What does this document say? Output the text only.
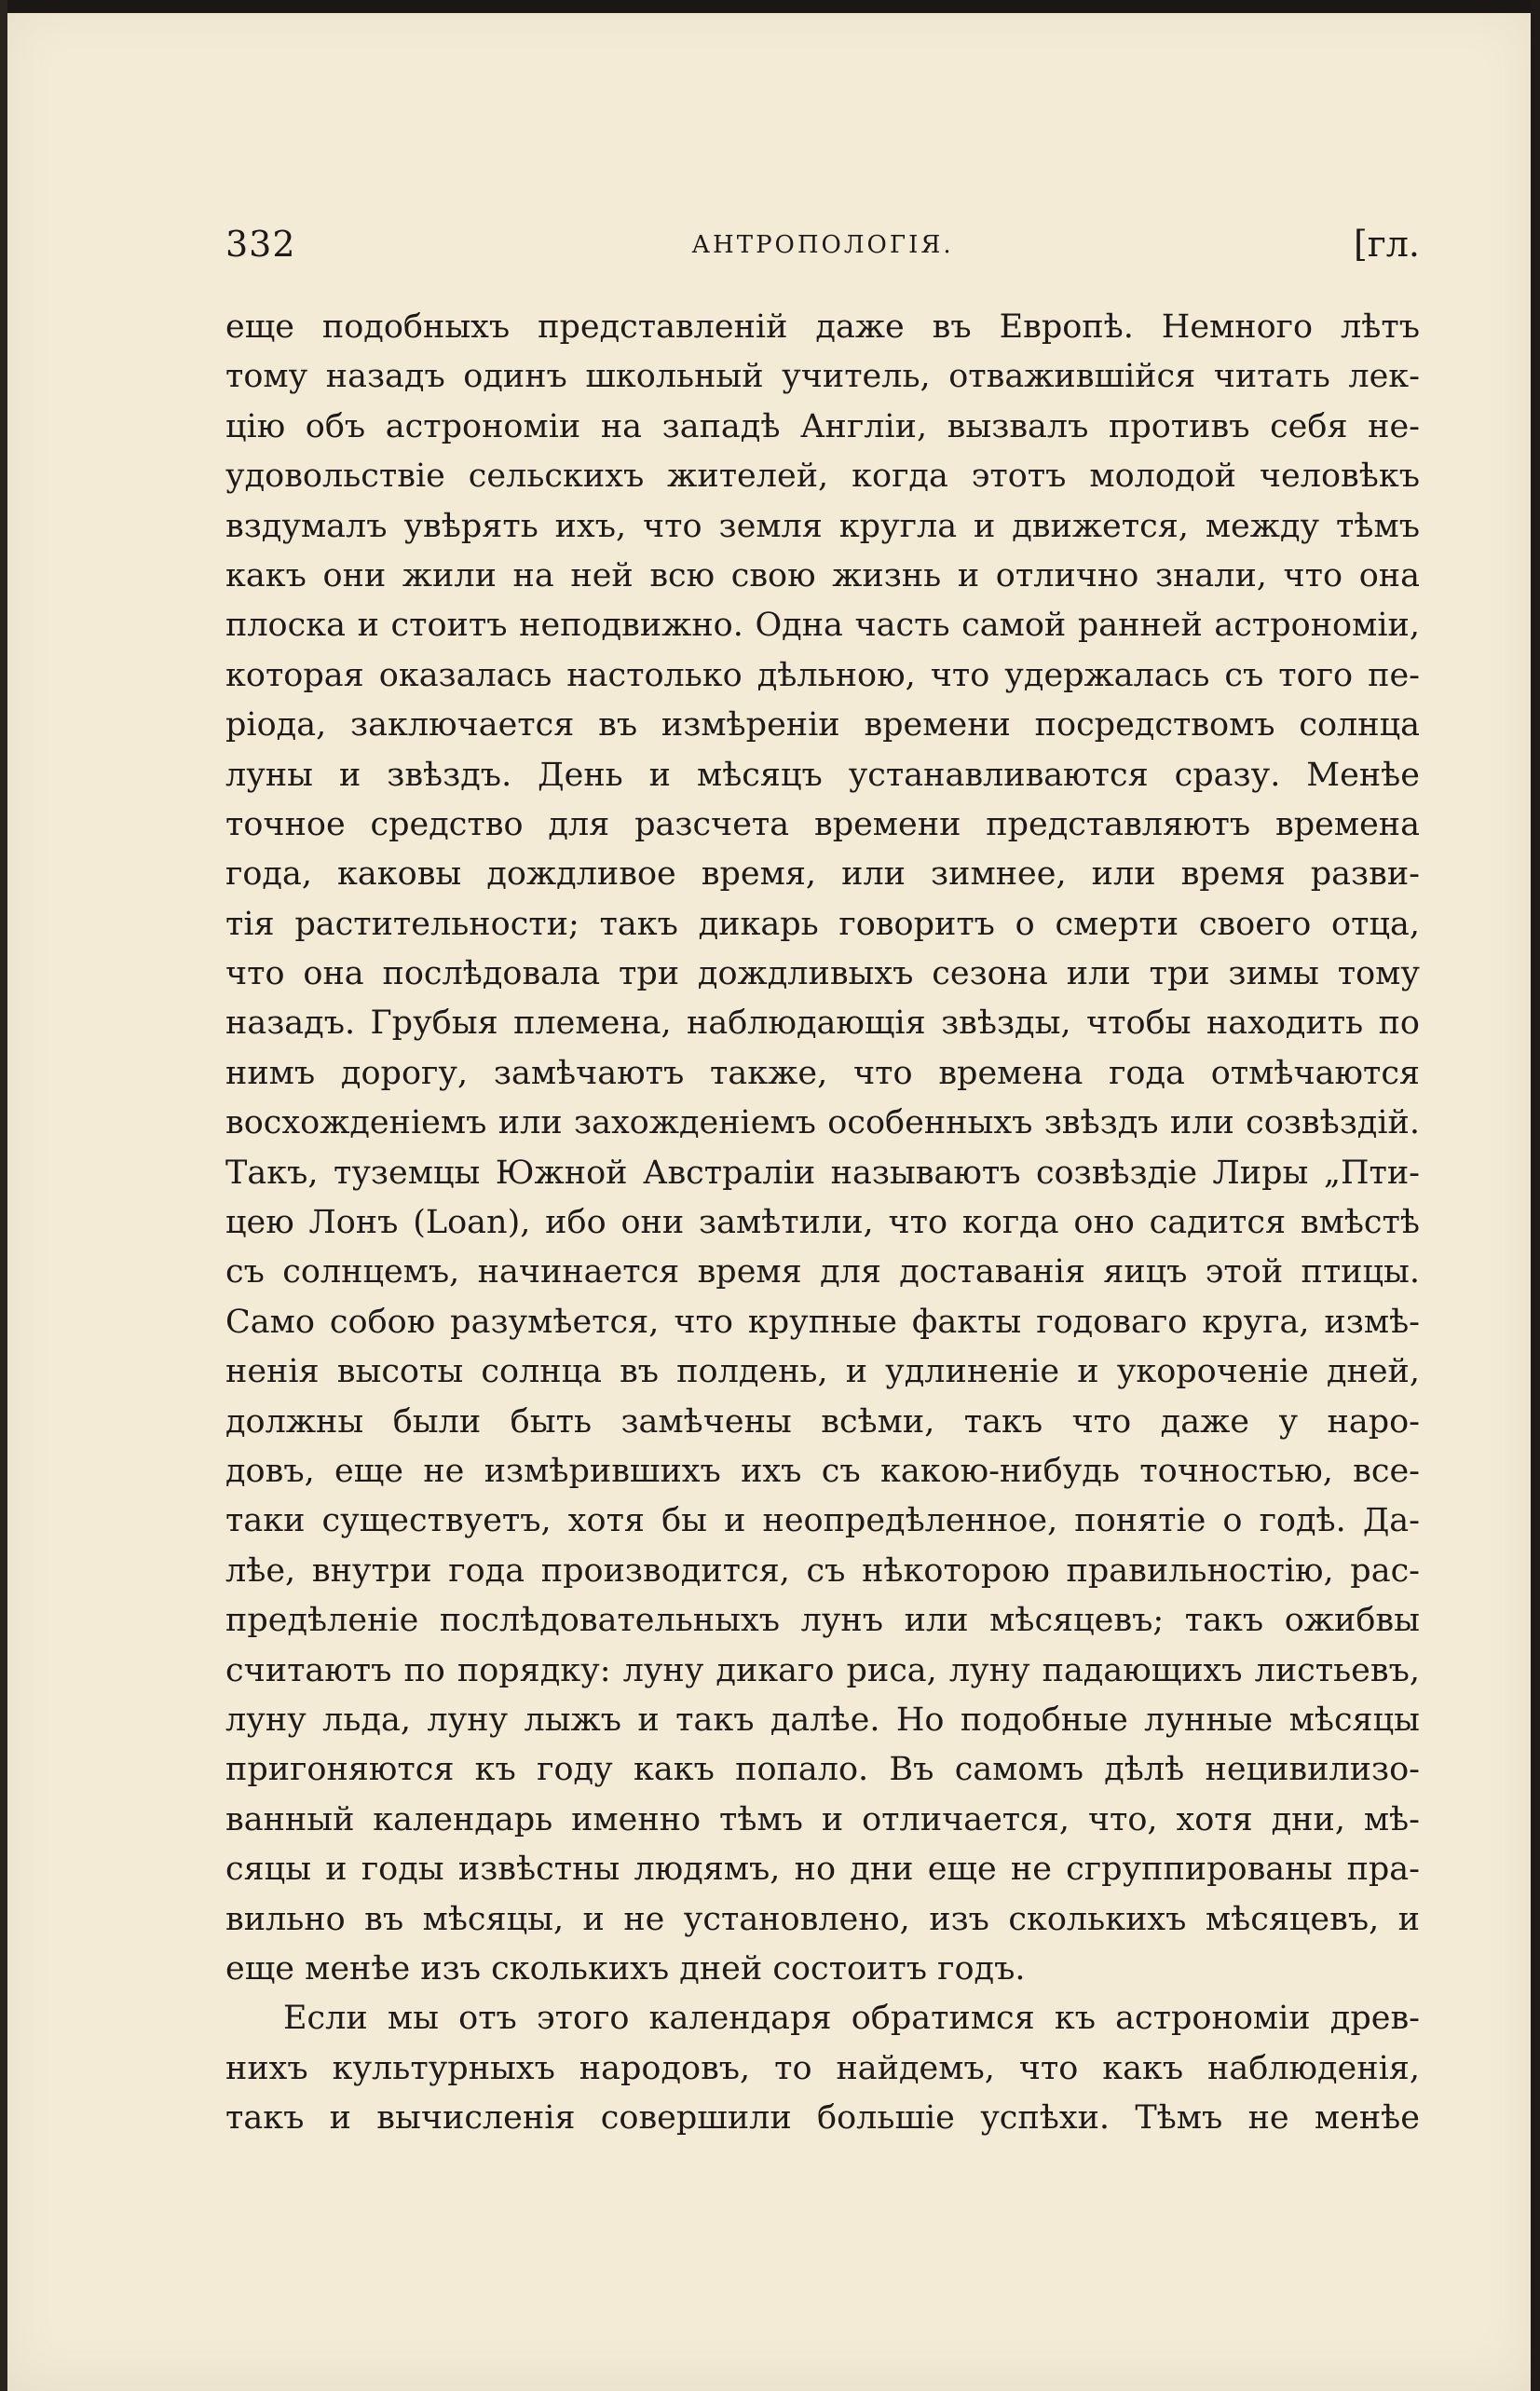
332	АНТРОПОЛОГIЯ.	[гл.
еще подобныхъ представленiй даже въ Европѣ. Немного лѣтъ
тому назадъ одинъ школьный учитель, отважившiйся читать лек-
цiю объ астрономiи на западѣ Англiи, вызвалъ противъ себя не-
удовольствiе сельскихъ жителей, когда этотъ молодой человѣкъ
вздумалъ увѣрять ихъ, что земля кругла и движется, между тѣмъ
какъ они жили на ней всю свою жизнь и отлично знали, что она
плоска и стоитъ неподвижно. Одна часть самой ранней астрономiи,
которая оказалась настолько дѣльною, что удержалась съ того пе-
рiода, заключается въ измѣренiи времени посредствомъ солнца
луны и звѣздъ. День и мѣсяцъ устанавливаются сразу. Менѣе
точное средство для разсчета времени представляютъ времена
года, каковы дождливое время, или зимнее, или время разви-
тiя растительности; такъ дикарь говоритъ о смерти своего отца,
что она послѣдовала три дождливыхъ сезона или три зимы тому
назадъ. Грубыя племена, наблюдающiя звѣзды, чтобы находить по
нимъ дорогу, замѣчаютъ также, что времена года отмѣчаются
восхожденiемъ или захожденiемъ особенныхъ звѣздъ или созвѣздiй.
Такъ, туземцы Южной Австралiи называютъ созвѣздiе Лиры „Пти-
цею Лонъ (Loan), ибо они замѣтили, что когда оно садится вмѣстѣ
съ солнцемъ, начинается время для доставанiя яицъ этой птицы.
Само собою разумѣется, что крупные факты годоваго круга, измѣ-
ненiя высоты солнца въ полдень, и удлиненiе и укороченiе дней,
должны были быть замѣчены всѣми, такъ что даже у наро-
довъ, еще не измѣрившихъ ихъ съ какою-нибудь точностью, все-
таки существуетъ, хотя бы и неопредѣленное, понятiе о годѣ. Да-
лѣе, внутри года производится, съ нѣкоторою правильностiю, рас-
предѣленiе послѣдовательныхъ лунъ или мѣсяцевъ; такъ ожибвы
считаютъ по порядку: луну дикаго риса, луну падающихъ листьевъ,
луну льда, луну лыжъ и такъ далѣе. Но подобные лунные мѣсяцы
пригоняются къ году какъ попало. Въ самомъ дѣлѣ нецивилизо-
ванный календарь именно тѣмъ и отличается, что, хотя дни, мѣ-
сяцы и годы извѣстны людямъ, но дни еще не сгруппированы пра-
вильно въ мѣсяцы, и не установлено, изъ сколькихъ мѣсяцевъ, и
еще менѣе изъ сколькихъ дней состоитъ годъ.
Если мы отъ этого календаря обратимся къ астрономiи древ-
нихъ культурныхъ народовъ, то найдемъ, что какъ наблюденiя,
такъ и вычисленiя совершили большiе успѣхи. Тѣмъ не менѣе
